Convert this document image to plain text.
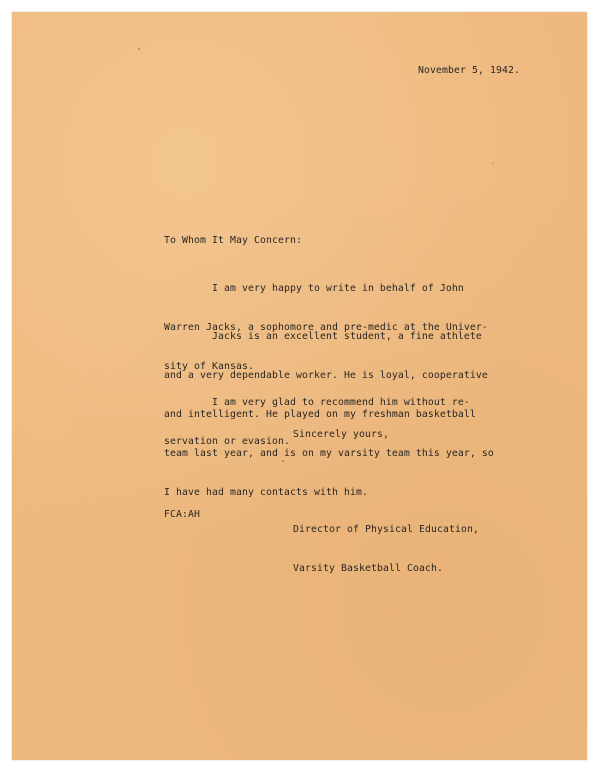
November 5, 1942.
To Whom It May Concern:

I am very happy to write in behalf of John

Warren Jacks, a sophomore and pre-medic at the Univer-

sity of Kansas.

Jacks is an excellent student, a fine athlete

and a very dependable worker. He is loyal, cooperative

and intelligent. He played on my freshman basketball

team last year, and is on my varsity team this year, so

I have had many contacts with him.

I am very glad to recommend him without re-

servation or evasion.

Sincerely yours,

Director of Physical Education,

Varsity Basketball Coach.

FCA:AH
